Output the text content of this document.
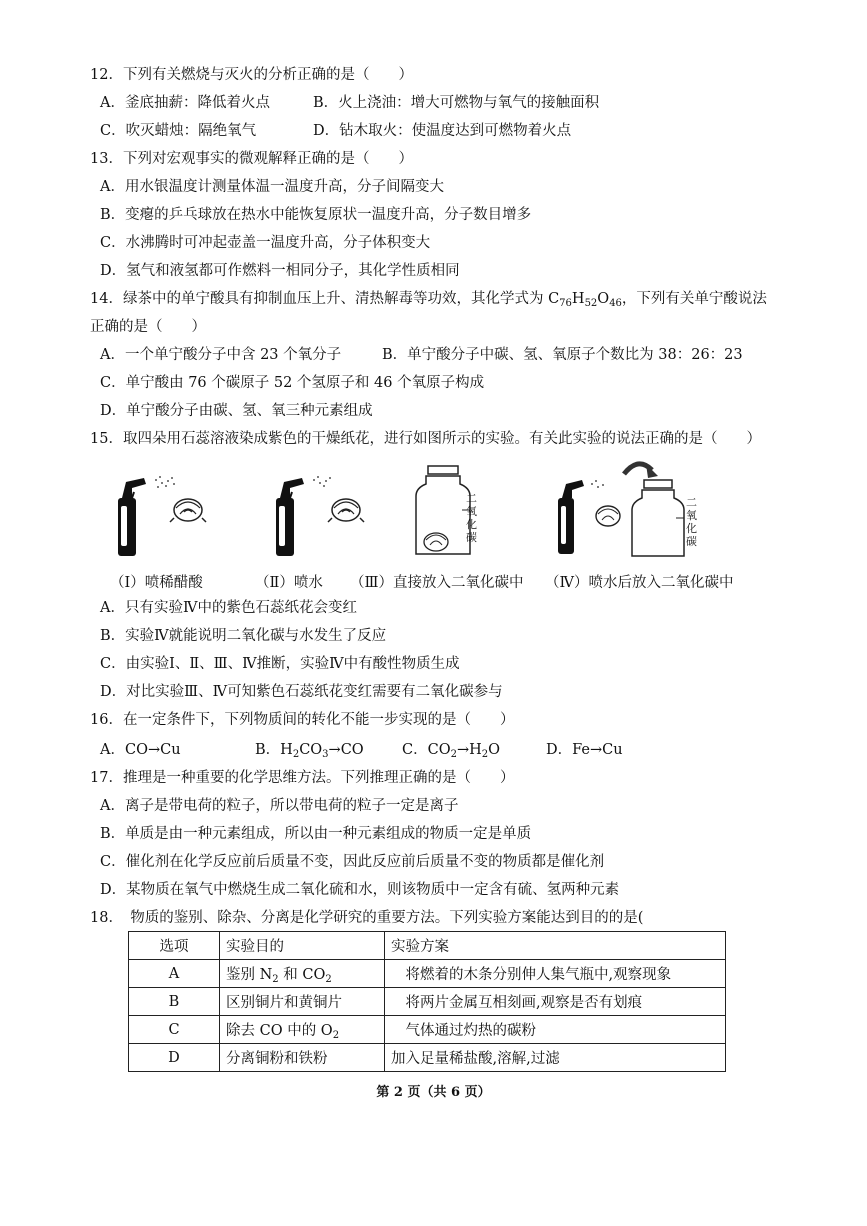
12．下列有关燃烧与灭火的分析正确的是（　　）
A．釜底抽薪：降低着火点	B．火上浇油：增大可燃物与氧气的接触面积
C．吹灭蜡烛：隔绝氧气	D．钻木取火：使温度达到可燃物着火点
13．下列对宏观事实的微观解释正确的是（　　）
A．用水银温度计测量体温一温度升高，分子间隔变大
B．变瘪的乒乓球放在热水中能恢复原状一温度升高，分子数目增多
C．水沸腾时可冲起壶盖一温度升高，分子体积变大
D．氢气和液氢都可作燃料一相同分子，其化学性质相同
14．绿茶中的单宁酸具有抑制血压上升、清热解毒等功效，其化学式为 $C_{76}H_{52}O_{46}$，下列有关单宁酸说法
正确的是（　　）
A．一个单宁酸分子中含 23 个氧分子	B．单宁酸分子中碳、氢、氧原子个数比为 38：26：23
C．单宁酸由 76 个碳原子 52 个氢原子和 46 个氧原子构成
D．单宁酸分子由碳、氢、氧三种元素组成
15．取四朵用石蕊溶液染成紫色的干燥纸花，进行如图所示的实验。有关此实验的说法正确的是（　　）
二
氧
化
碳
二
氧
化
碳
（I）喷稀醋酸	（Ⅱ）喷水 （Ⅲ）直接放入二氧化碳中 （Ⅳ）喷水后放入二氧化碳中
A．只有实验Ⅳ中的紫色石蕊纸花会变红
B．实验Ⅳ就能说明二氧化碳与水发生了反应
C．由实验Ⅰ、Ⅱ、Ⅲ、Ⅳ推断，实验Ⅳ中有酸性物质生成
D．对比实验Ⅲ、Ⅳ可知紫色石蕊纸花变红需要有二氧化碳参与
16．在一定条件下，下列物质间的转化不能一步实现的是（　　）
A．CO→Cu	B．$H_2CO_3\to CO$	C．$CO_2\to H_2O$	D．Fe→Cu
17．推理是一种重要的化学思维方法。下列推理正确的是（　　）
A．离子是带电荷的粒子，所以带电荷的粒子一定是离子
B．单质是由一种元素组成，所以由一种元素组成的物质一定是单质
C．催化剂在化学反应前后质量不变，因此反应前后质量不变的物质都是催化剂
D．某物质在氧气中燃烧生成二氧化硫和水，则该物质中一定含有硫、氢两种元素
18．　物质的鉴别、除杂、分离是化学研究的重要方法。下列实验方案能达到目的的是(
选项	实验目的	实验方案
A	鉴别 $N_2$ 和 $CO_2$	　将燃着的木条分别伸人集气瓶中,观察现象
B	区别铜片和黄铜片	　将两片金属互相刻画,观察是否有划痕
C	除去 CO 中的 $O_2$	　气体通过灼热的碳粉
D	分离铜粉和铁粉	加入足量稀盐酸,溶解,过滤
第 2 页（共 6 页）
